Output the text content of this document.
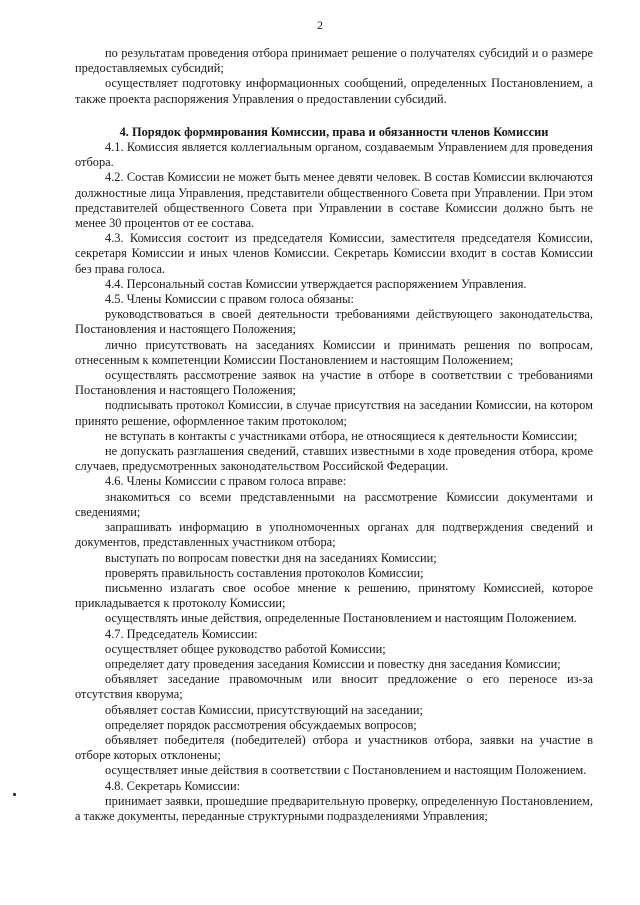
2

по результатам проведения отбора принимает решение о получателях субсидий и о размере предоставляемых субсидий;

осуществляет подготовку информационных сообщений, определенных Постановлением, а также проекта распоряжения Управления о предоставлении субсидий.

4. Порядок формирования Комиссии, права и обязанности членов Комиссии

4.1. Комиссия является коллегиальным органом, создаваемым Управлением для проведения отбора.

4.2. Состав Комиссии не может быть менее девяти человек. В состав Комиссии включаются должностные лица Управления, представители общественного Совета при Управлении. При этом представителей общественного Совета при Управлении в составе Комиссии должно быть не менее 30 процентов от ее состава.

4.3. Комиссия состоит из председателя Комиссии, заместителя председателя Комиссии, секретаря Комиссии и иных членов Комиссии. Секретарь Комиссии входит в состав Комиссии без права голоса.

4.4. Персональный состав Комиссии утверждается распоряжением Управления.

4.5. Члены Комиссии с правом голоса обязаны:

руководствоваться в своей деятельности требованиями действующего законодательства, Постановления и настоящего Положения;

лично присутствовать на заседаниях Комиссии и принимать решения по вопросам, отнесенным к компетенции Комиссии Постановлением и настоящим Положением;

осуществлять рассмотрение заявок на участие в отборе в соответствии с требованиями Постановления и настоящего Положения;

подписывать протокол Комиссии, в случае присутствия на заседании Комиссии, на котором принято решение, оформленное таким протоколом;

не вступать в контакты с участниками отбора, не относящиеся к деятельности Комиссии;

не допускать разглашения сведений, ставших известными в ходе проведения отбора, кроме случаев, предусмотренных законодательством Российской Федерации.

4.6. Члены Комиссии с правом голоса вправе:

знакомиться со всеми представленными на рассмотрение Комиссии документами и сведениями;

запрашивать информацию в уполномоченных органах для подтверждения сведений и документов, представленных участником отбора;

выступать по вопросам повестки дня на заседаниях Комиссии;

проверять правильность составления протоколов Комиссии;

письменно излагать свое особое мнение к решению, принятому Комиссией, которое прикладывается к протоколу Комиссии;

осуществлять иные действия, определенные Постановлением и настоящим Положением.

4.7. Председатель Комиссии:

осуществляет общее руководство работой Комиссии;

определяет дату проведения заседания Комиссии и повестку дня заседания Комиссии;

объявляет заседание правомочным или вносит предложение о его переносе из-за отсутствия кворума;

объявляет состав Комиссии, присутствующий на заседании;

определяет порядок рассмотрения обсуждаемых вопросов;

объявляет победителя (победителей) отбора и участников отбора, заявки на участие в отборе которых отклонены;

осуществляет иные действия в соответствии с Постановлением и настоящим Положением.

4.8. Секретарь Комиссии:

принимает заявки, прошедшие предварительную проверку, определенную Постановлением, а также документы, переданные структурными подразделениями Управления;
